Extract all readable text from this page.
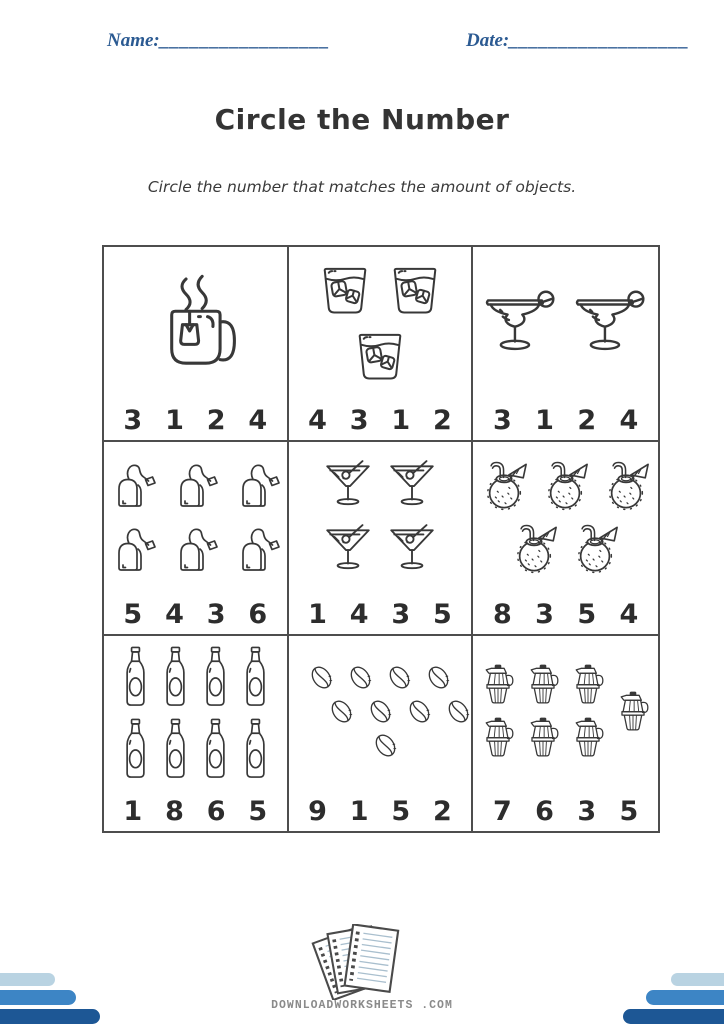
Name:_________________	Date:__________________
Circle the Number
Circle the number that matches the amount of objects.
3 1 2 4 4 3 1 2 3 1 2 4
5 4 3 6 1 4 3 5 8 3 5 4
1 8 6 5 9 1 5 2 7 6 3 5
DOWNLOADWORKSHEETS .COM
